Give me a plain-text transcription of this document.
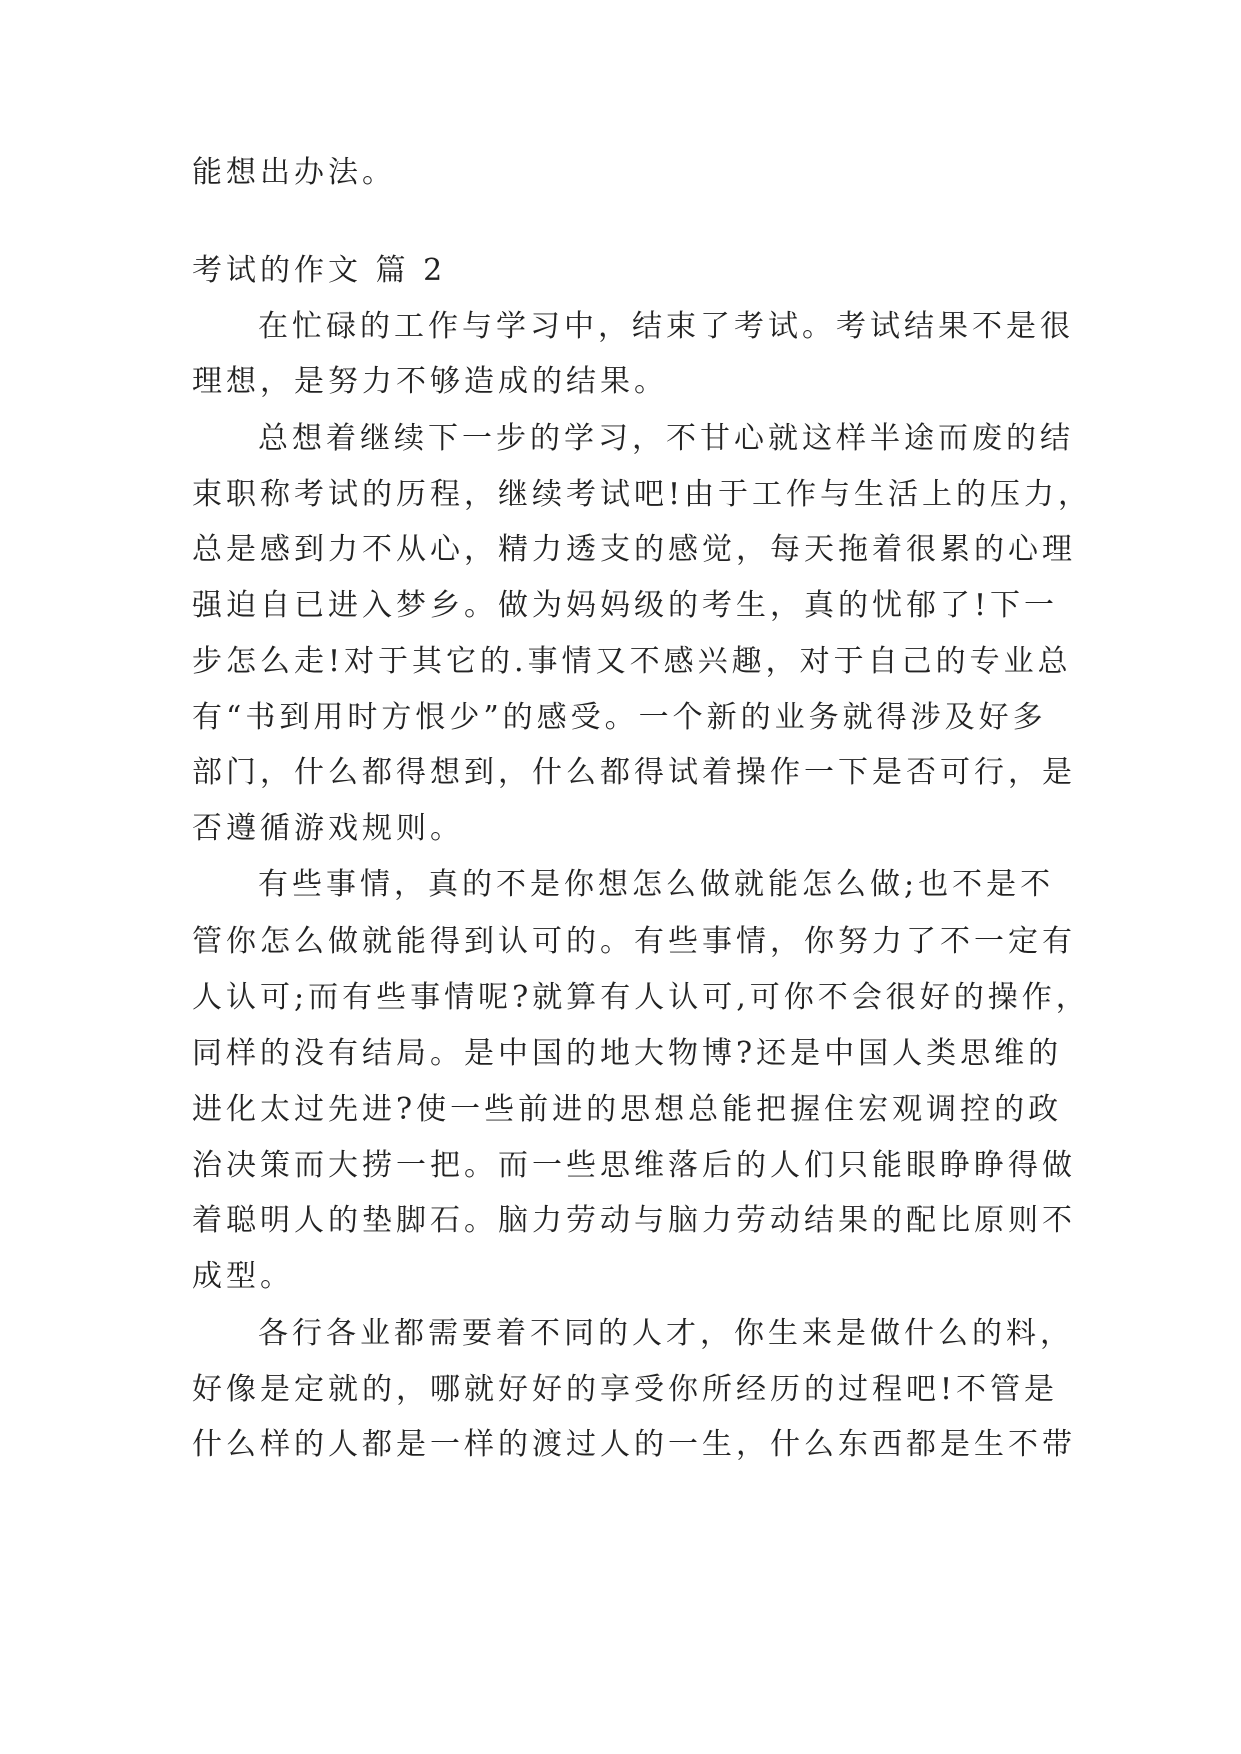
能想出办法。
考试的作文 篇 2
在忙碌的工作与学习中，结束了考试。考试结果不是很
理想，是努力不够造成的结果。
总想着继续下一步的学习，不甘心就这样半途而废的结
束职称考试的历程，继续考试吧!由于工作与生活上的压力，
总是感到力不从心，精力透支的感觉，每天拖着很累的心理
强迫自已进入梦乡。做为妈妈级的考生，真的忧郁了!下一
步怎么走!对于其它的.事情又不感兴趣，对于自己的专业总
有“书到用时方恨少”的感受。一个新的业务就得涉及好多
部门，什么都得想到，什么都得试着操作一下是否可行，是
否遵循游戏规则。
有些事情，真的不是你想怎么做就能怎么做;也不是不
管你怎么做就能得到认可的。有些事情，你努力了不一定有
人认可;而有些事情呢?就算有人认可,可你不会很好的操作，
同样的没有结局。是中国的地大物博?还是中国人类思维的
进化太过先进?使一些前进的思想总能把握住宏观调控的政
治决策而大捞一把。而一些思维落后的人们只能眼睁睁得做
着聪明人的垫脚石。脑力劳动与脑力劳动结果的配比原则不
成型。
各行各业都需要着不同的人才，你生来是做什么的料，
好像是定就的，哪就好好的享受你所经历的过程吧!不管是
什么样的人都是一样的渡过人的一生，什么东西都是生不带
